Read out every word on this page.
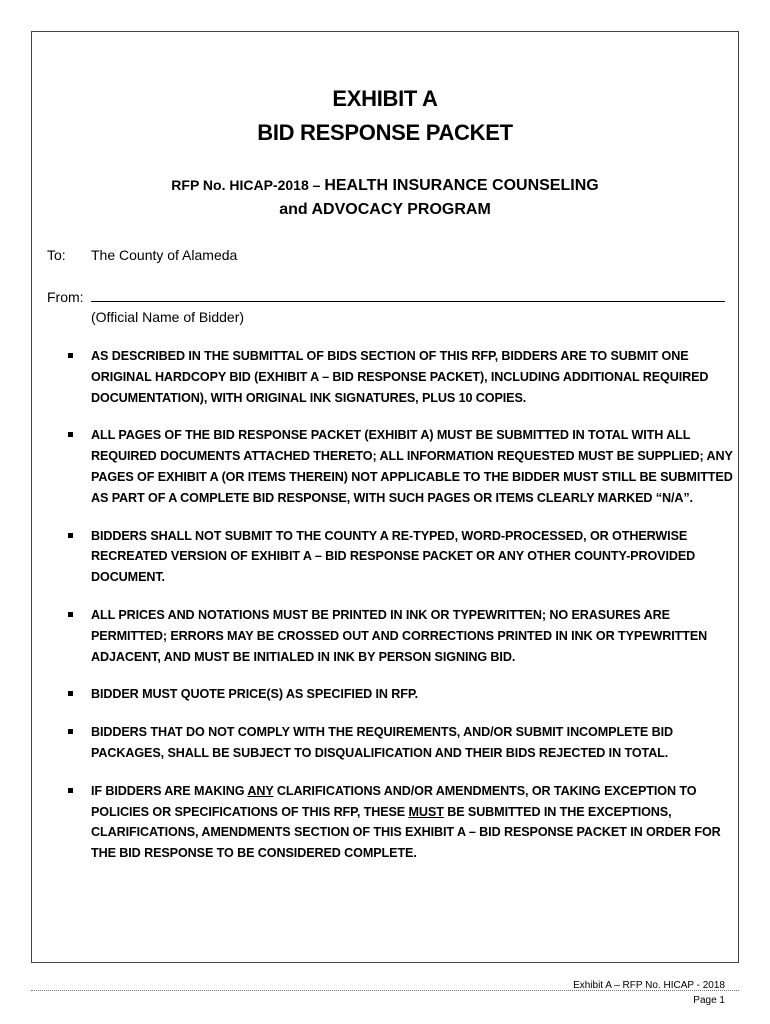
EXHIBIT A
BID RESPONSE PACKET
RFP No. HICAP-2018 – HEALTH INSURANCE COUNSELING
and ADVOCACY PROGRAM
To: The County of Alameda
From:
(Official Name of Bidder)
AS DESCRIBED IN THE SUBMITTAL OF BIDS SECTION OF THIS RFP, BIDDERS ARE TO SUBMIT ONE ORIGINAL HARDCOPY BID (EXHIBIT A – BID RESPONSE PACKET), INCLUDING ADDITIONAL REQUIRED DOCUMENTATION), WITH ORIGINAL INK SIGNATURES, PLUS 10 COPIES.
ALL PAGES OF THE BID RESPONSE PACKET (EXHIBIT A) MUST BE SUBMITTED IN TOTAL WITH ALL REQUIRED DOCUMENTS ATTACHED THERETO; ALL INFORMATION REQUESTED MUST BE SUPPLIED; ANY PAGES OF EXHIBIT A (OR ITEMS THEREIN) NOT APPLICABLE TO THE BIDDER MUST STILL BE SUBMITTED AS PART OF A COMPLETE BID RESPONSE, WITH SUCH PAGES OR ITEMS CLEARLY MARKED “N/A”.
BIDDERS SHALL NOT SUBMIT TO THE COUNTY A RE-TYPED, WORD-PROCESSED, OR OTHERWISE RECREATED VERSION OF EXHIBIT A – BID RESPONSE PACKET OR ANY OTHER COUNTY-PROVIDED DOCUMENT.
ALL PRICES AND NOTATIONS MUST BE PRINTED IN INK OR TYPEWRITTEN; NO ERASURES ARE PERMITTED; ERRORS MAY BE CROSSED OUT AND CORRECTIONS PRINTED IN INK OR TYPEWRITTEN ADJACENT, AND MUST BE INITIALED IN INK BY PERSON SIGNING BID.
BIDDER MUST QUOTE PRICE(S) AS SPECIFIED IN RFP.
BIDDERS THAT DO NOT COMPLY WITH THE REQUIREMENTS, AND/OR SUBMIT INCOMPLETE BID PACKAGES, SHALL BE SUBJECT TO DISQUALIFICATION AND THEIR BIDS REJECTED IN TOTAL.
IF BIDDERS ARE MAKING ANY CLARIFICATIONS AND/OR AMENDMENTS, OR TAKING EXCEPTION TO POLICIES OR SPECIFICATIONS OF THIS RFP, THESE MUST BE SUBMITTED IN THE EXCEPTIONS, CLARIFICATIONS, AMENDMENTS SECTION OF THIS EXHIBIT A – BID RESPONSE PACKET IN ORDER FOR THE BID RESPONSE TO BE CONSIDERED COMPLETE.
Exhibit A – RFP No. HICAP - 2018
Page 1
